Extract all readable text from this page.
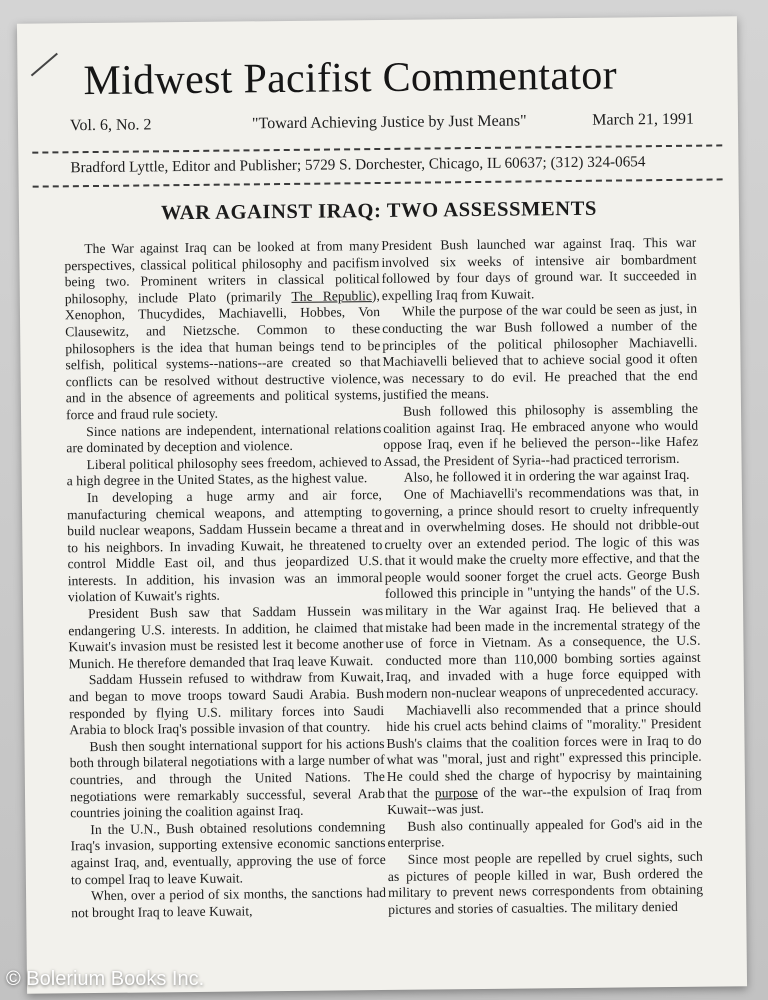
Midwest Pacifist Commentator
Vol. 6, No. 2	"Toward Achieving Justice by Just Means"	March 21, 1991
Bradford Lyttle, Editor and Publisher; 5729 S. Dorchester, Chicago, IL 60637; (312) 324-0654
WAR AGAINST IRAQ: TWO ASSESSMENTS

The War against Iraq can be looked at from many perspectives, classical political philosophy and pacifism being two. Prominent writers in classical political philosophy, include Plato (primarily The Republic), Xenophon, Thucydides, Machiavelli, Hobbes, Von Clausewitz, and Nietzsche. Common to these philosophers is the idea that human beings tend to be selfish, political systems--nations--are created so that conflicts can be resolved without destructive violence, and in the absence of agreements and political systems, force and fraud rule society.

Since nations are independent, international relations are dominated by deception and violence.

Liberal political philosophy sees freedom, achieved to a high degree in the United States, as the highest value.

In developing a huge army and air force, manufacturing chemical weapons, and attempting to build nuclear weapons, Saddam Hussein became a threat to his neighbors. In invading Kuwait, he threatened to control Middle East oil, and thus jeopardized U.S. interests. In addition, his invasion was an immoral violation of Kuwait's rights.

President Bush saw that Saddam Hussein was endangering U.S. interests. In addition, he claimed that Kuwait's invasion must be resisted lest it become another Munich. He therefore demanded that Iraq leave Kuwait.

Saddam Hussein refused to withdraw from Kuwait, and began to move troops toward Saudi Arabia. Bush responded by flying U.S. military forces into Saudi Arabia to block Iraq's possible invasion of that country.

Bush then sought international support for his actions both through bilateral negotiations with a large number of countries, and through the United Nations. The negotiations were remarkably successful, several Arab countries joining the coalition against Iraq.

In the U.N., Bush obtained resolutions condemning Iraq's invasion, supporting extensive economic sanctions against Iraq, and, eventually, approving the use of force to compel Iraq to leave Kuwait.

When, over a period of six months, the sanctions had not brought Iraq to leave Kuwait,

President Bush launched war against Iraq. This war involved six weeks of intensive air bombardment followed by four days of ground war. It succeeded in expelling Iraq from Kuwait.

While the purpose of the war could be seen as just, in conducting the war Bush followed a number of the principles of the political philosopher Machiavelli. Machiavelli believed that to achieve social good it often was necessary to do evil. He preached that the end justified the means.

Bush followed this philosophy is assembling the coalition against Iraq. He embraced anyone who would oppose Iraq, even if he believed the person--like Hafez Assad, the President of Syria--had practiced terrorism.

Also, he followed it in ordering the war against Iraq.

One of Machiavelli's recommendations was that, in governing, a prince should resort to cruelty infrequently and in overwhelming doses. He should not dribble-out cruelty over an extended period. The logic of this was that it would make the cruelty more effective, and that the people would sooner forget the cruel acts. George Bush followed this principle in "untying the hands" of the U.S. military in the War against Iraq. He believed that a mistake had been made in the incremental strategy of the use of force in Vietnam. As a consequence, the U.S. conducted more than 110,000 bombing sorties against Iraq, and invaded with a huge force equipped with modern non-nuclear weapons of unprecedented accuracy.

Machiavelli also recommended that a prince should hide his cruel acts behind claims of "morality." President Bush's claims that the coalition forces were in Iraq to do what was "moral, just and right" expressed this principle. He could shed the charge of hypocrisy by maintaining that the purpose of the war--the expulsion of Iraq from Kuwait--was just.

Bush also continually appealed for God's aid in the enterprise.

Since most people are repelled by cruel sights, such as pictures of people killed in war, Bush ordered the military to prevent news correspondents from obtaining pictures and stories of casualties. The military denied

© Bolerium Books Inc.
